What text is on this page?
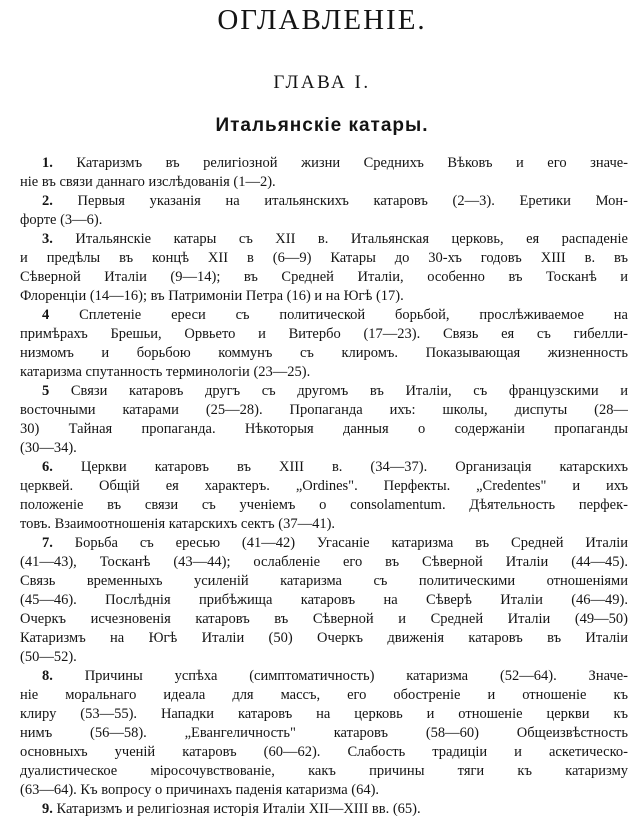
ОГЛАВЛЕНІЕ.
ГЛАВА I.
Итальянскіе катары.
1. Катаризмъ въ религіозной жизни Среднихъ Вѣковъ и его значе-
ніе въ связи даннаго изслѣдованія (1—2).
2. Первыя указанія на итальянскихъ катаровъ (2—3). Еретики Мон-
форте (3—6).
3. Итальянскіе катары съ XII в. Итальянская церковь, ея распаденіе
и предѣлы въ концѣ XII в (6—9) Катары до 30-хъ годовъ XIII в. въ
Сѣверной Италіи (9—14); въ Средней Италіи, особенно въ Тосканѣ и
Флоренціи (14—16); въ Патримоніи Петра (16) и на Югѣ (17).
4 Сплетеніе ереси съ политической борьбой, прослѣживаемое на
примѣрахъ Брешьи, Орвьето и Витербо (17—23). Связь ея съ гибелли-
низмомъ и борьбою коммунъ съ клиромъ. Показывающая жизненность
катаризма спутанность терминологіи (23—25).
5 Связи катаровъ другъ съ другомъ въ Италіи, съ французскими и
восточными катарами (25—28). Пропаганда ихъ: школы, диспуты (28—
30) Тайная пропаганда. Нѣкоторыя данныя о содержаніи пропаганды
(30—34).
6. Церкви катаровъ въ XIII в. (34—37). Организація катарскихъ
церквей. Общій ея характеръ. „Ordines". Перфекты. „Credentes" и ихъ
положеніе въ связи съ ученіемъ о consolamentum. Дѣятельность перфек-
товъ. Взаимоотношенія катарскихъ сектъ (37—41).
7. Борьба съ ересью (41—42) Угасаніе катаризма въ Средней Италіи
(41—43), Тосканѣ (43—44); ослабленіе его въ Сѣверной Италіи (44—45).
Связь временныхъ усиленій катаризма съ политическими отношеніями
(45—46). Послѣднія прибѣжища катаровъ на Сѣверѣ Италіи (46—49).
Очеркъ исчезновенія катаровъ въ Сѣверной и Средней Италіи (49—50)
Катаризмъ на Югѣ Италіи (50) Очеркъ движенія катаровъ въ Италіи
(50—52).
8. Причины успѣха (симптоматичность) катаризма (52—64). Значе-
ніе моральнаго идеала для массъ, его обостреніе и отношеніе къ
клиру (53—55). Нападки катаровъ на церковь и отношеніе церкви къ
нимъ (56—58). „Евангеличность" катаровъ (58—60) Общеизвѣстность
основныхъ ученій катаровъ (60—62). Слабость традиціи и аскетическо-
дуалистическое міросочувствованіе, какъ причины тяги къ катаризму
(63—64). Къ вопросу о причинахъ паденія катаризма (64).
9. Катаризмъ и религіозная исторія Италіи XII—XIII вв. (65).
